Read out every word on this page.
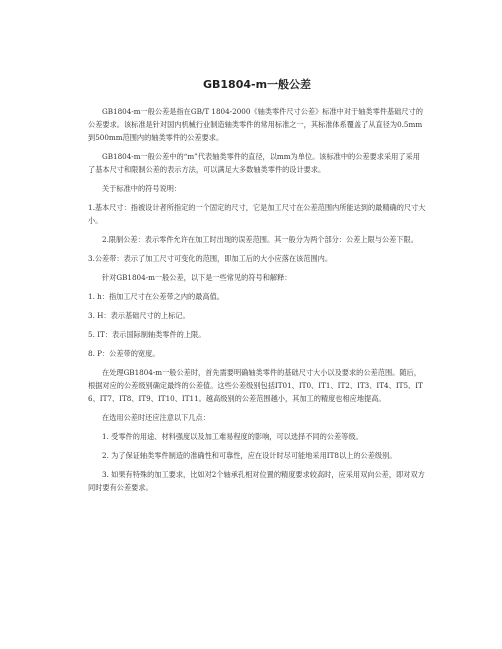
GB1804-m一般公差

GB1804-m一般公差是指在GB/T 1804-2000《轴类零件尺寸公差》标准中对于轴类零件基础尺寸的公差要求。该标准是针对国内机械行业制造轴类零件的常用标准之一，其标准体系覆盖了从直径为0.5mm到500mm范围内的轴类零件的公差要求。

GB1804-m一般公差中的“m”代表轴类零件的直径，以mm为单位。该标准中的公差要求采用了采用了基本尺寸和限制公差的表示方法，可以满足大多数轴类零件的设计要求。

关于标准中的符号说明：

1.基本尺寸：指被设计者所指定的一个固定的尺寸，它是加工尺寸在公差范围内所能达到的最精确的尺寸大小。

2.限制公差：表示零件允许在加工时出现的误差范围。其一般分为两个部分：公差上限与公差下限。

3.公差带：表示了加工尺寸可变化的范围，即加工后的大小应落在该范围内。

针对GB1804-m一般公差，以下是一些常见的符号和解释：

1. h：指加工尺寸在公差带之内的最高值。

3. H：表示基础尺寸的上标记。

5. IT：表示国际制轴类零件的上限。

8. P：公差带的宽度。

在处理GB1804-m一般公差时，首先需要明确轴类零件的基础尺寸大小以及要求的公差范围。随后，根据对应的公差级别确定最终的公差值。这些公差级别包括IT01、IT0、IT1、IT2、IT3、IT4、IT5、IT6、IT7、IT8、IT9、IT10、IT11。越高级别的公差范围越小，其加工的精度也相应地提高。

在选用公差时还应注意以下几点：

1. 受零件的用途、材料强度以及加工难易程度的影响，可以选择不同的公差等级。

2. 为了保证轴类零件制造的准确性和可靠性，应在设计时尽可能地采用IT8以上的公差级别。

3. 如果有特殊的加工要求，比如对2个轴承孔相对位置的精度要求较高时，应采用双向公差，即对双方同时要有公差要求。
